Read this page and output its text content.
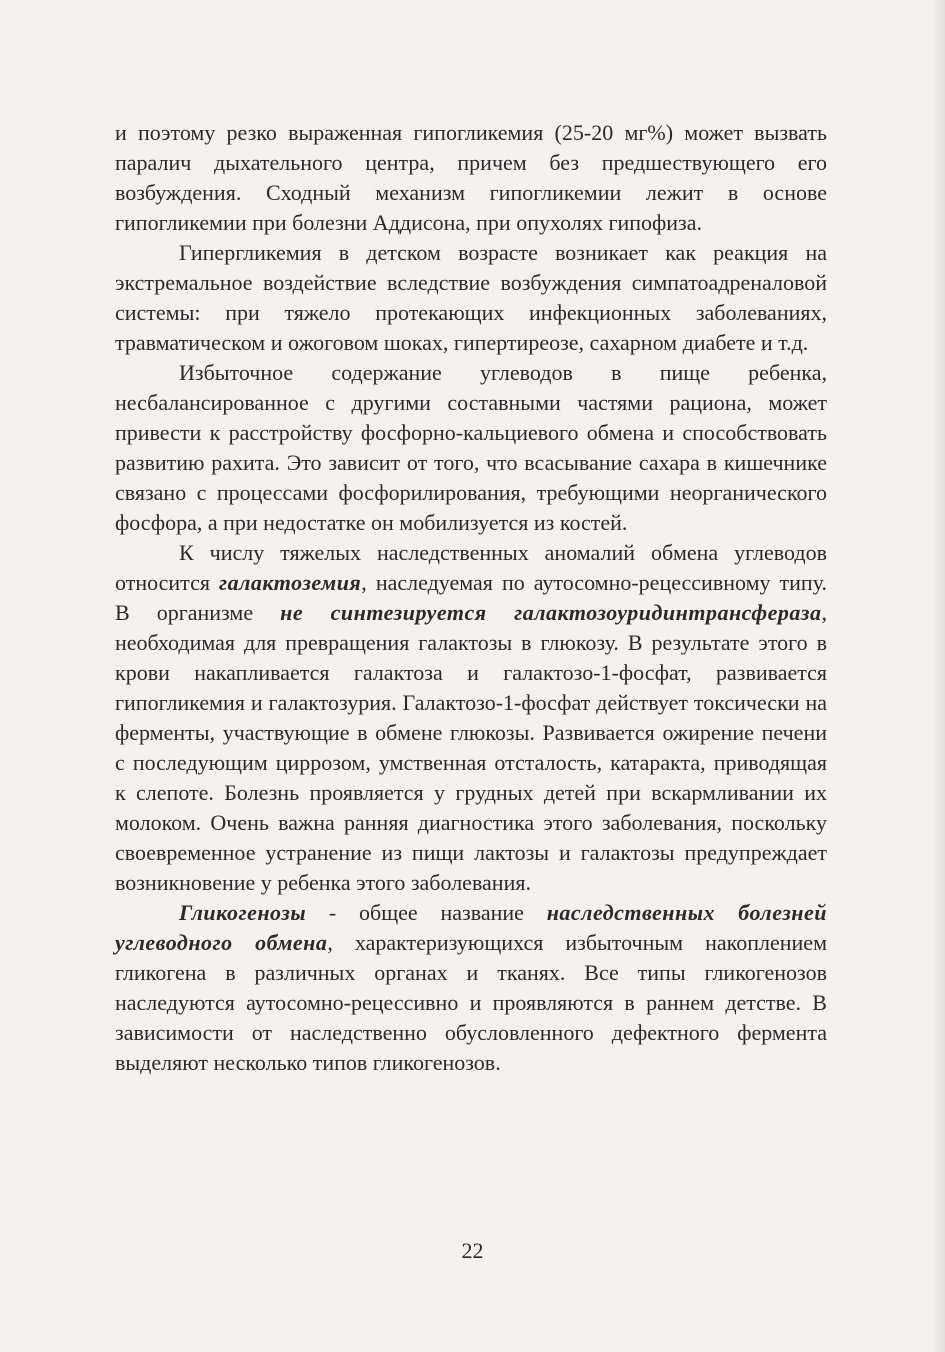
и поэтому резко выраженная гипогликемия (25-20 мг%) может вызвать паралич дыхательного центра, причем без предшествующего его возбуждения. Сходный механизм гипогликемии лежит в основе гипогликемии при болезни Аддисона, при опухолях гипофиза.

Гипергликемия в детском возрасте возникает как реакция на экстремальное воздействие вследствие возбуждения симпатоадреналовой системы: при тяжело протекающих инфекционных заболеваниях, травматическом и ожоговом шоках, гипертиреозе, сахарном диабете и т.д.

Избыточное содержание углеводов в пище ребенка, несбалансированное с другими составными частями рациона, может привести к расстройству фосфорно-кальциевого обмена и способствовать развитию рахита. Это зависит от того, что всасывание сахара в кишечнике связано с процессами фосфорилирования, требующими неорганического фосфора, а при недостатке он мобилизуется из костей.

К числу тяжелых наследственных аномалий обмена углеводов относится галактоземия, наследуемая по аутосомно-рецессивному типу. В организме не синтезируется галактозоуридинтрансфераза, необходимая для превращения галактозы в глюкозу. В результате этого в крови накапливается галактоза и галактозо-1-фосфат, развивается гипогликемия и галактозурия. Галактозо-1-фосфат действует токсически на ферменты, участвующие в обмене глюкозы. Развивается ожирение печени с последующим циррозом, умственная отсталость, катаракта, приводящая к слепоте. Болезнь проявляется у грудных детей при вскармливании их молоком. Очень важна ранняя диагностика этого заболевания, поскольку своевременное устранение из пищи лактозы и галактозы предупреждает возникновение у ребенка этого заболевания.

Гликогенозы - общее название наследственных болезней углеводного обмена, характеризующихся избыточным накоплением гликогена в различных органах и тканях. Все типы гликогенозов наследуются аутосомно-рецессивно и проявляются в раннем детстве. В зависимости от наследственно обусловленного дефектного фермента выделяют несколько типов гликогенозов.

22
